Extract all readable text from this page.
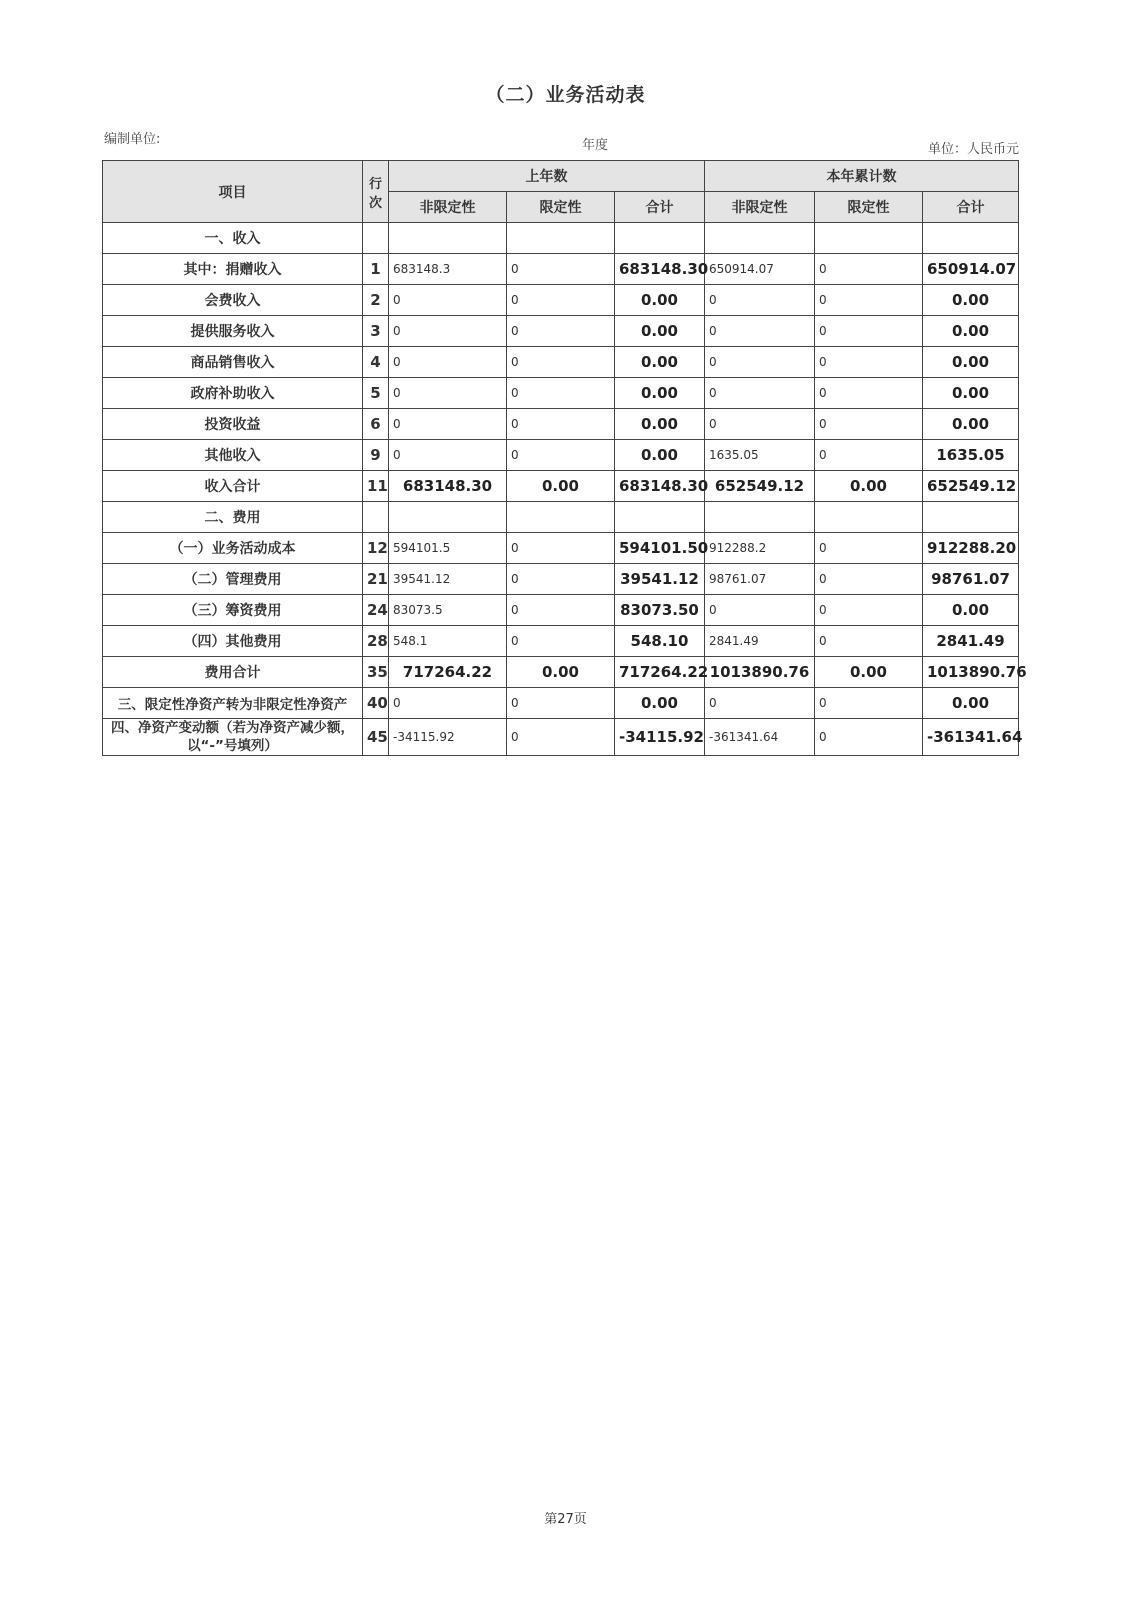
（二）业务活动表
编制单位:	年度	单位：人民币元
项目	行次	上年数			本年累计数		
		非限定性	限定性	合计	非限定性	限定性	合计
一、收入							
其中：捐赠收入	1	683148.3	0	683148.30	650914.07	0	650914.07
会费收入	2	0	0	0.00	0	0	0.00
提供服务收入	3	0	0	0.00	0	0	0.00
商品销售收入	4	0	0	0.00	0	0	0.00
政府补助收入	5	0	0	0.00	0	0	0.00
投资收益	6	0	0	0.00	0	0	0.00
其他收入	9	0	0	0.00	1635.05	0	1635.05
收入合计	11	683148.30	0.00	683148.30	652549.12	0.00	652549.12
二、费用							
（一）业务活动成本	12	594101.5	0	594101.50	912288.2	0	912288.20
（二）管理费用	21	39541.12	0	39541.12	98761.07	0	98761.07
（三）筹资费用	24	83073.5	0	83073.50	0	0	0.00
（四）其他费用	28	548.1	0	548.10	2841.49	0	2841.49
费用合计	35	717264.22	0.00	717264.22	1013890.76	0.00	1013890.76
三、限定性净资产转为非限定性净资产	40	0	0	0.00	0	0	0.00
四、净资产变动额（若为净资产减少额，以“-”号填列）	45	-34115.92	0	-34115.92	-361341.64	0	-361341.64
第27页
